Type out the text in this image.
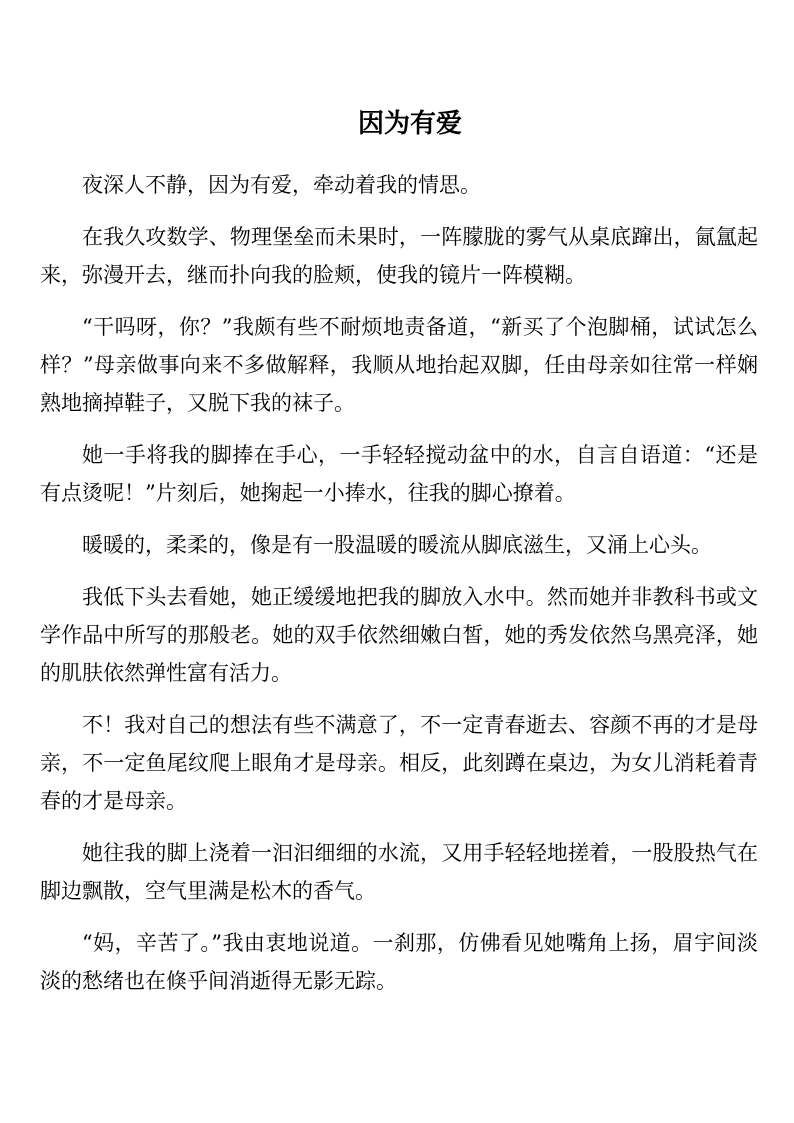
因为有爱

夜深人不静，因为有爱，牵动着我的情思。

在我久攻数学、物理堡垒而未果时，一阵朦胧的雾气从桌底蹿出，氤氲起来，弥漫开去，继而扑向我的脸颊，使我的镜片一阵模糊。

“干吗呀，你？”我颇有些不耐烦地责备道，“新买了个泡脚桶，试试怎么样？”母亲做事向来不多做解释，我顺从地抬起双脚，任由母亲如往常一样娴熟地摘掉鞋子，又脱下我的袜子。

她一手将我的脚捧在手心，一手轻轻搅动盆中的水，自言自语道：“还是有点烫呢！”片刻后，她掬起一小捧水，往我的脚心撩着。

暖暖的，柔柔的，像是有一股温暖的暖流从脚底滋生，又涌上心头。

我低下头去看她，她正缓缓地把我的脚放入水中。然而她并非教科书或文学作品中所写的那般老。她的双手依然细嫩白皙，她的秀发依然乌黑亮泽，她的肌肤依然弹性富有活力。

不！我对自己的想法有些不满意了，不一定青春逝去、容颜不再的才是母亲，不一定鱼尾纹爬上眼角才是母亲。相反，此刻蹲在桌边，为女儿消耗着青春的才是母亲。

她往我的脚上浇着一汩汩细细的水流，又用手轻轻地搓着，一股股热气在脚边飘散，空气里满是松木的香气。

“妈，辛苦了。”我由衷地说道。一刹那，仿佛看见她嘴角上扬，眉宇间淡淡的愁绪也在倏乎间消逝得无影无踪。
